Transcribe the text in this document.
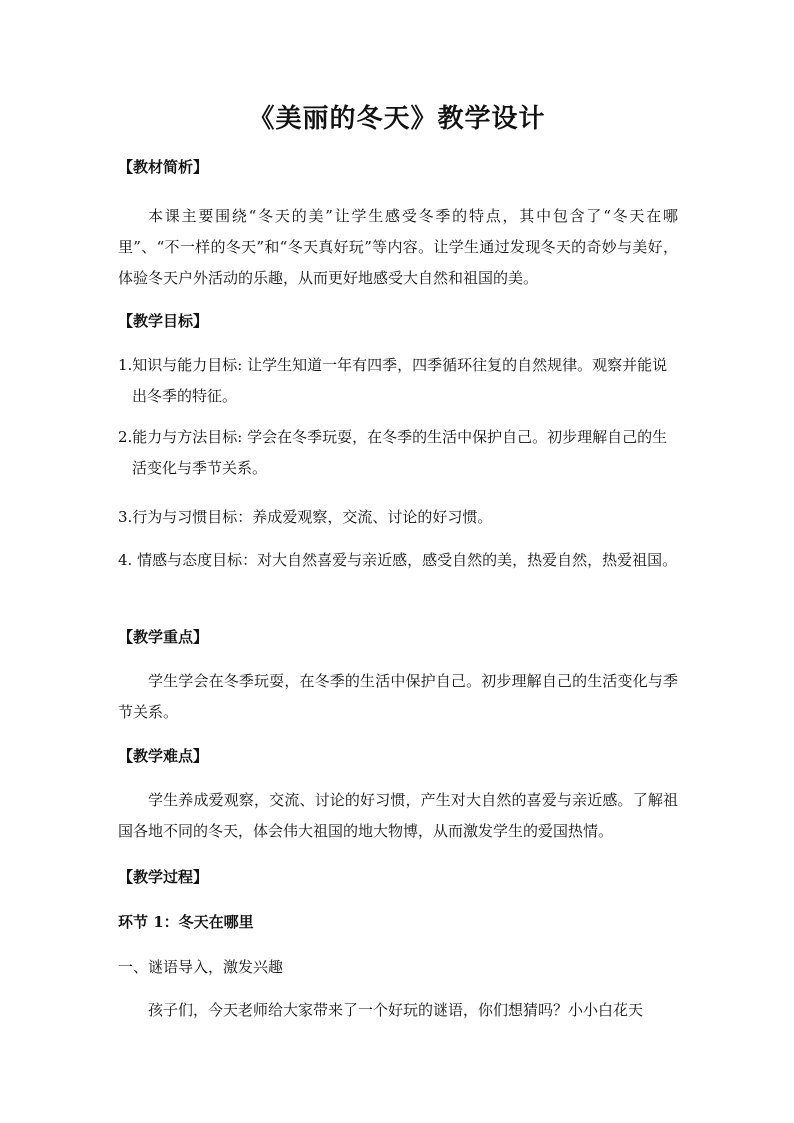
《美丽的冬天》教学设计
【教材简析】
本课主要围绕“冬天的美”让学生感受冬季的特点，其中包含了“冬天在哪里”、“不一样的冬天”和“冬天真好玩”等内容。让学生通过发现冬天的奇妙与美好，体验冬天户外活动的乐趣，从而更好地感受大自然和祖国的美。
【教学目标】
1.知识与能力目标: 让学生知道一年有四季，四季循环往复的自然规律。观察并能说出冬季的特征。
2.能力与方法目标: 学会在冬季玩耍，在冬季的生活中保护自己。初步理解自己的生活变化与季节关系。
3.行为与习惯目标：养成爱观察，交流、讨论的好习惯。
4. 情感与态度目标：对大自然喜爱与亲近感，感受自然的美，热爱自然，热爱祖国。
【教学重点】
学生学会在冬季玩耍，在冬季的生活中保护自己。初步理解自己的生活变化与季节关系。
【教学难点】
学生养成爱观察，交流、讨论的好习惯，产生对大自然的喜爱与亲近感。了解祖国各地不同的冬天，体会伟大祖国的地大物博，从而激发学生的爱国热情。
【教学过程】
环节 1：冬天在哪里
一、谜语导入，激发兴趣
孩子们，今天老师给大家带来了一个好玩的谜语，你们想猜吗？小小白花天
